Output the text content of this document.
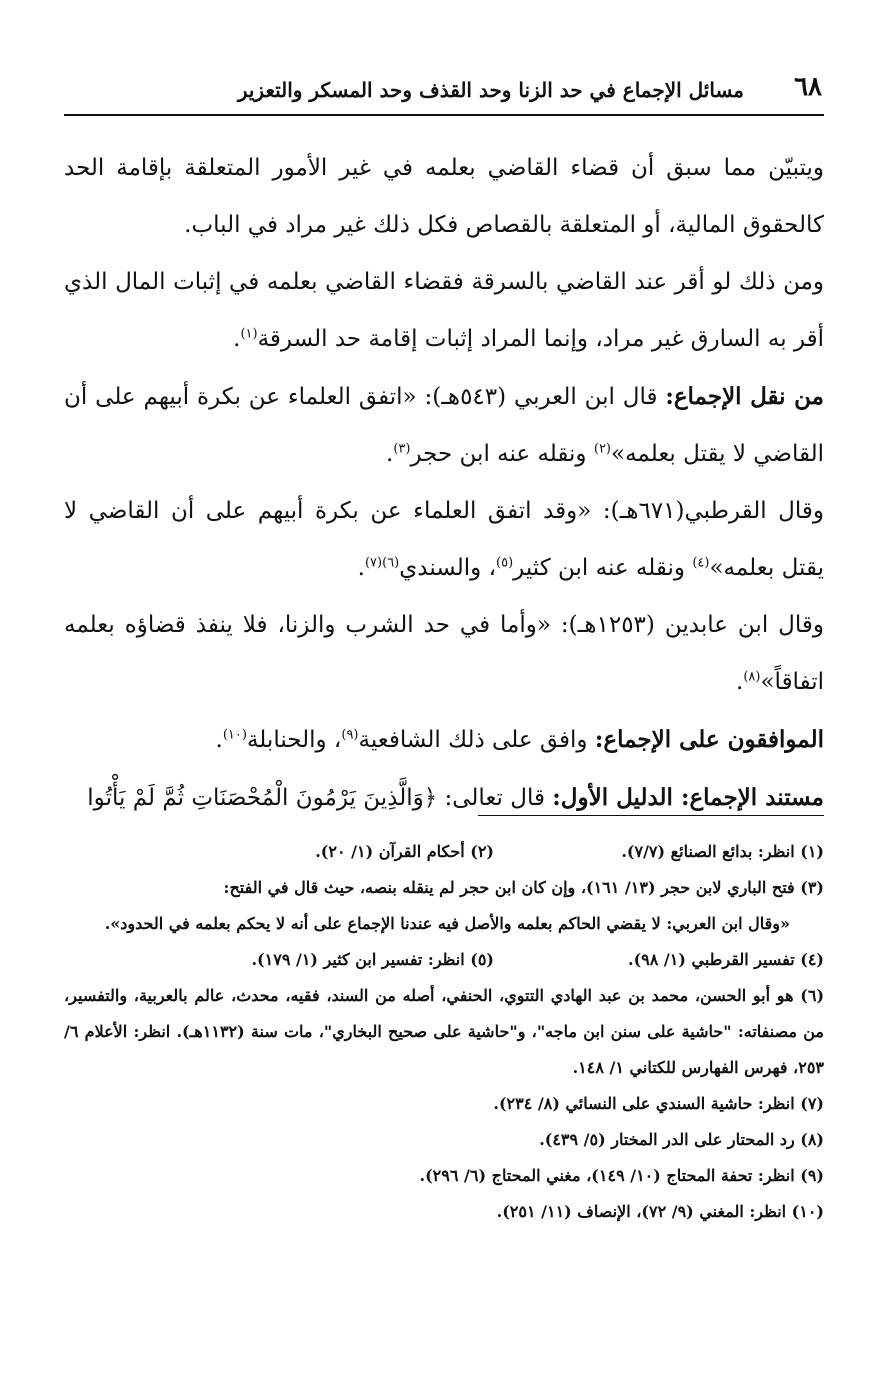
٦٨
مسائل الإجماع في حد الزنا وحد القذف وحد المسكر والتعزير

ويتبيّن مما سبق أن قضاء القاضي بعلمه في غير الأمور المتعلقة بإقامة الحد كالحقوق المالية، أو المتعلقة بالقصاص فكل ذلك غير مراد في الباب.

ومن ذلك لو أقر عند القاضي بالسرقة فقضاء القاضي بعلمه في إثبات المال الذي أقر به السارق غير مراد، وإنما المراد إثبات إقامة حد السرقة$^{(١)}$.

من نقل الإجماع: قال ابن العربي (٥٤٣هـ): «اتفق العلماء عن بكرة أبيهم على أن القاضي لا يقتل بعلمه»$^{(٢)}$ ونقله عنه ابن حجر$^{(٣)}$.

وقال القرطبي(٦٧١هـ): «وقد اتفق العلماء عن بكرة أبيهم على أن القاضي لا يقتل بعلمه»$^{(٤)}$ ونقله عنه ابن كثير$^{(٥)}$، والسندي$^{(٦)(٧)}$.

وقال ابن عابدين (١٢٥٣هـ): «وأما في حد الشرب والزنا، فلا ينفذ قضاؤه بعلمه اتفاقاً»$^{(٨)}$.

الموافقون على الإجماع: وافق على ذلك الشافعية$^{(٩)}$، والحنابلة$^{(١٠)}$.

مستند الإجماع: الدليل الأول: قال تعالى: ﴿وَالَّذِينَ يَرْمُونَ الْمُحْصَنَاتِ ثُمَّ لَمْ يَأْتُوا

(١) انظر: بدائع الصنائع (٧/٧).

(٢) أحكام القرآن (١/ ٢٠).

(٣) فتح الباري لابن حجر (١٣/ ١٦١)، وإن كان ابن حجر لم ينقله بنصه، حيث قال في الفتح:
«وقال ابن العربي: لا يقضي الحاكم بعلمه والأصل فيه عندنا الإجماع على أنه لا يحكم بعلمه في الحدود».

(٤) تفسير القرطبي (١/ ٩٨).

(٥) انظر: تفسير ابن كثير (١/ ١٧٩).

(٦) هو أبو الحسن، محمد بن عبد الهادي التتوي، الحنفي، أصله من السند، فقيه، محدث، عالم بالعربية، والتفسير، من مصنفاته: "حاشية على سنن ابن ماجه"، و"حاشية على صحيح البخاري"، مات سنة (١١٣٢هـ). انظر: الأعلام ٦/ ٢٥٣، فهرس الفهارس للكتاني ١/ ١٤٨.

(٧) انظر: حاشية السندي على النسائي (٨/ ٢٣٤).

(٨) رد المحتار على الدر المختار (٥/ ٤٣٩).

(٩) انظر: تحفة المحتاج (١٠/ ١٤٩)، مغني المحتاج (٦/ ٢٩٦).

(١٠) انظر: المغني (٩/ ٧٢)، الإنصاف (١١/ ٢٥١).
